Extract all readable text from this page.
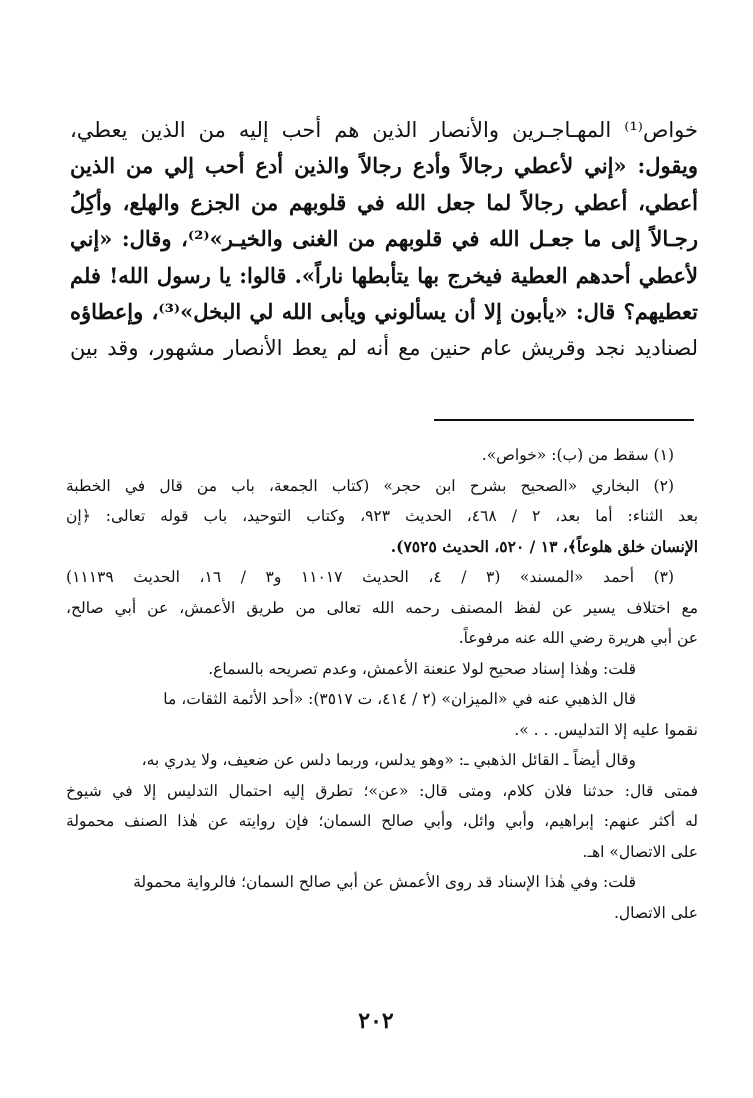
خواص⁽¹⁾ المهـاجـرين والأنصار الذين هم أحب إليه من الذين يعطي،
ويقول: «إني لأعطي رجالاً وأدع رجالاً والذين أدع أحب إلي من الذين
أعطي، أعطي رجالاً لما جعل الله في قلوبهم من الجزع والهلع، وأكِلُ
رجـالاً إلى ما جعـل الله في قلوبهم من الغنى والخيـر»⁽²⁾، وقال: «إني
لأعطي أحدهم العطية فيخرج بها يتأبطها ناراً». قالوا: يا رسول الله! فلم
تعطيهم؟ قال: «يأبون إلا أن يسألوني ويأبى الله لي البخل»⁽³⁾، وإعطاؤه
لصناديد نجد وقريش عام حنين مع أنه لم يعط الأنصار مشهور، وقد بين
(١) سقط من (ب): «خواص».
(٢) البخاري «الصحيح بشرح ابن حجر» (كتاب الجمعة، باب من قال في الخطبة
بعد الثناء: أما بعد، ٢ / ٤٦٨، الحديث ٩٢٣، وكتاب التوحيد، باب قوله تعالى: ﴿إن
الإنسان خلق هلوعاً﴾، ١٣ / ٥٢٠، الحديث ٧٥٢٥).
(٣) أحمد «المسند» (٣ / ٤، الحديث ١١٠١٧ و٣ / ١٦، الحديث ١١١٣٩)
مع اختلاف يسير عن لفظ المصنف رحمه الله تعالى من طريق الأعمش، عن أبي صالح،
عن أبي هريرة رضي الله عنه مرفوعاً.
قلت: وهٰذا إسناد صحيح لولا عنعنة الأعمش، وعدم تصريحه بالسماع.
قال الذهبي عنه في «الميزان» (٢ / ٤١٤، ت ٣٥١٧): «أحد الأئمة الثقات، ما
نقموا عليه إلا التدليس. . . ».
وقال أيضاً ـ القائل الذهبي ـ: «وهو يدلس، وربما دلس عن ضعيف، ولا يدري به،
فمتى قال: حدثنا فلان كلام، ومتى قال: «عن»؛ تطرق إليه احتمال التدليس إلا في شيوخ
له أكثر عنهم: إبراهيم، وأبي وائل، وأبي صالح السمان؛ فإن روايته عن هٰذا الصنف محمولة
على الاتصال» اهـ.
قلت: وفي هٰذا الإسناد قد روى الأعمش عن أبي صالح السمان؛ فالرواية محمولة
على الاتصال.
٢٠٢
